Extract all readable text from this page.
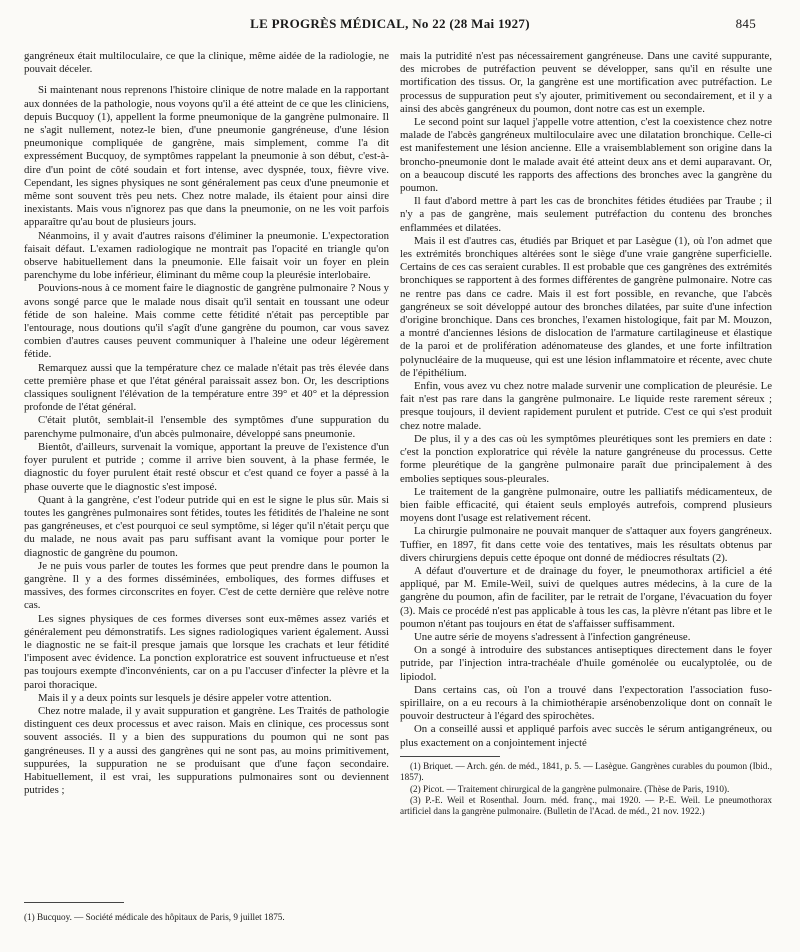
LE PROGRÈS MÉDICAL, No 22 (28 Mai 1927)	845

gangréneux était multiloculaire, ce que la clinique, même aidée de la radiologie, ne pouvait déceler.

Si maintenant nous reprenons l'histoire clinique de notre malade en la rapportant aux données de la pathologie, nous voyons qu'il a été atteint de ce que les cliniciens, depuis Bucquoy (1), appellent la forme pneumonique de la gangrène pulmonaire. Il ne s'agit nullement, notez-le bien, d'une pneumonie gangréneuse, d'une lésion pneumonique compliquée de gangrène, mais simplement, comme l'a dit expressément Bucquoy, de symptômes rappelant la pneumonie à son début, c'est-à-dire d'un point de côté soudain et fort intense, avec dyspnée, toux, fièvre vive. Cependant, les signes physiques ne sont généralement pas ceux d'une pneumonie et même sont souvent très peu nets. Chez notre malade, ils étaient pour ainsi dire inexistants. Mais vous n'ignorez pas que dans la pneumonie, on ne les voit parfois apparaître qu'au bout de plusieurs jours.

Néanmoins, il y avait d'autres raisons d'éliminer la pneumonie. L'expectoration faisait défaut. L'examen radiologique ne montrait pas l'opacité en triangle qu'on observe habituellement dans la pneumonie. Elle faisait voir un foyer en plein parenchyme du lobe inférieur, éliminant du même coup la pleurésie interlobaire.

Pouvions-nous à ce moment faire le diagnostic de gangrène pulmonaire ? Nous y avons songé parce que le malade nous disait qu'il sentait en toussant une odeur fétide de son haleine. Mais comme cette fétidité n'était pas perceptible par l'entourage, nous doutions qu'il s'agît d'une gangrène du poumon, car vous savez combien d'autres causes peuvent communiquer à l'haleine une odeur légèrement fétide.

Remarquez aussi que la température chez ce malade n'était pas très élevée dans cette première phase et que l'état général paraissait assez bon. Or, les descriptions classiques soulignent l'élévation de la température entre 39° et 40° et la dépression profonde de l'état général.

C'était plutôt, semblait-il l'ensemble des symptômes d'une suppuration du parenchyme pulmonaire, d'un abcès pulmonaire, développé sans pneumonie.

Bientôt, d'ailleurs, survenait la vomique, apportant la preuve de l'existence d'un foyer purulent et putride ; comme il arrive bien souvent, à la phase fermée, le diagnostic du foyer purulent était resté obscur et c'est quand ce foyer a passé à la phase ouverte que le diagnostic s'est imposé.

Quant à la gangrène, c'est l'odeur putride qui en est le signe le plus sûr. Mais si toutes les gangrènes pulmonaires sont fétides, toutes les fétidités de l'haleine ne sont pas gangréneuses, et c'est pourquoi ce seul symptôme, si léger qu'il n'était perçu que du malade, ne nous avait pas paru suffisant avant la vomique pour porter le diagnostic de gangrène du poumon.

Je ne puis vous parler de toutes les formes que peut prendre dans le poumon la gangrène. Il y a des formes disséminées, emboliques, des formes diffuses et massives, des formes circonscrites en foyer. C'est de cette dernière que relève notre cas.

Les signes physiques de ces formes diverses sont eux-mêmes assez variés et généralement peu démonstratifs. Les signes radiologiques varient également. Aussi le diagnostic ne se fait-il presque jamais que lorsque les crachats et leur fétidité l'imposent avec évidence. La ponction exploratrice est souvent infructueuse et n'est pas toujours exempte d'inconvénients, car on a pu l'accuser d'infecter la plèvre et la paroi thoracique.

Mais il y a deux points sur lesquels je désire appeler votre attention.

Chez notre malade, il y avait suppuration et gangrène. Les Traités de pathologie distinguent ces deux processus et avec raison. Mais en clinique, ces processus sont souvent associés. Il y a bien des suppurations du poumon qui ne sont pas gangréneuses. Il y a aussi des gangrènes qui ne sont pas, au moins primitivement, suppurées, la suppuration ne se produisant que d'une façon secondaire. Habituellement, il est vrai, les suppurations pulmonaires sont ou deviennent putrides ;

(1) Bucquoy. — Société médicale des hôpitaux de Paris, 9 juillet 1875.

mais la putridité n'est pas nécessairement gangréneuse. Dans une cavité suppurante, des microbes de putréfaction peuvent se développer, sans qu'il en résulte une mortification des tissus. Or, la gangrène est une mortification avec putréfaction. Le processus de suppuration peut s'y ajouter, primitivement ou secondairement, et il y a ainsi des abcès gangréneux du poumon, dont notre cas est un exemple.

Le second point sur laquel j'appelle votre attention, c'est la coexistence chez notre malade de l'abcès gangréneux multiloculaire avec une dilatation bronchique. Celle-ci est manifestement une lésion ancienne. Elle a vraisemblablement son origine dans la broncho-pneumonie dont le malade avait été atteint deux ans et demi auparavant. Or, on a beaucoup discuté les rapports des affections des bronches avec la gangrène du poumon.

Il faut d'abord mettre à part les cas de bronchites fétides étudiées par Traube ; il n'y a pas de gangrène, mais seulement putréfaction du contenu des bronches enflammées et dilatées.

Mais il est d'autres cas, étudiés par Briquet et par Lasègue (1), où l'on admet que les extrémités bronchiques altérées sont le siège d'une vraie gangrène superficielle. Certains de ces cas seraient curables. Il est probable que ces gangrènes des extrémités bronchiques se rapportent à des formes différentes de gangrène pulmonaire. Notre cas ne rentre pas dans ce cadre. Mais il est fort possible, en revanche, que l'abcès gangréneux se soit développé autour des bronches dilatées, par suite d'une infection d'origine bronchique. Dans ces bronches, l'examen histologique, fait par M. Mouzon, a montré d'anciennes lésions de dislocation de l'armature cartilagineuse et élastique de la paroi et de prolifération adénomateuse des glandes, et une forte infiltration polynucléaire de la muqueuse, qui est une lésion inflammatoire et récente, avec chute de l'épithélium.

Enfin, vous avez vu chez notre malade survenir une complication de pleurésie. Le fait n'est pas rare dans la gangrène pulmonaire. Le liquide reste rarement séreux ; presque toujours, il devient rapidement purulent et putride. C'est ce qui s'est produit chez notre malade.

De plus, il y a des cas où les symptômes pleurétiques sont les premiers en date : c'est la ponction exploratrice qui révèle la nature gangréneuse du processus. Cette forme pleurétique de la gangrène pulmonaire paraît due principalement à des embolies septiques sous-pleurales.

Le traitement de la gangrène pulmonaire, outre les palliatifs médicamenteux, de bien faible efficacité, qui étaient seuls employés autrefois, comprend plusieurs moyens dont l'usage est relativement récent.

La chirurgie pulmonaire ne pouvait manquer de s'attaquer aux foyers gangréneux. Tuffier, en 1897, fit dans cette voie des tentatives, mais les résultats obtenus par divers chirurgiens depuis cette époque ont donné de médiocres résultats (2).

A défaut d'ouverture et de drainage du foyer, le pneumothorax artificiel a été appliqué, par M. Emile-Weil, suivi de quelques autres médecins, à la cure de la gangrène du poumon, afin de faciliter, par le retrait de l'organe, l'évacuation du foyer (3). Mais ce procédé n'est pas applicable à tous les cas, la plèvre n'étant pas libre et le poumon n'étant pas toujours en état de s'affaisser suffisamment.

Une autre série de moyens s'adressent à l'infection gangréneuse.

On a songé à introduire des substances antiseptiques directement dans le foyer putride, par l'injection intra-trachéale d'huile goménolée ou eucalyptolée, ou de lipiodol.

Dans certains cas, où l'on a trouvé dans l'expectoration l'association fuso-spirillaire, on a eu recours à la chimiothérapie arsénobenzolique dont on connaît le pouvoir destructeur à l'égard des spirochètes.

On a conseillé aussi et appliqué parfois avec succès le sérum antigangréneux, ou plus exactement on a conjointement injecté

(1) Briquet. — Arch. gén. de méd., 1841, p. 5. — Lasègue. Gangrènes curables du poumon (Ibid., 1857).

(2) Picot. — Traitement chirurgical de la gangrène pulmonaire. (Thèse de Paris, 1910).

(3) P.-E. Weil et Rosenthal. Journ. méd. franç., mai 1920. — P.-E. Weil. Le pneumothorax artificiel dans la gangrène pulmonaire. (Bulletin de l'Acad. de méd., 21 nov. 1922.)
